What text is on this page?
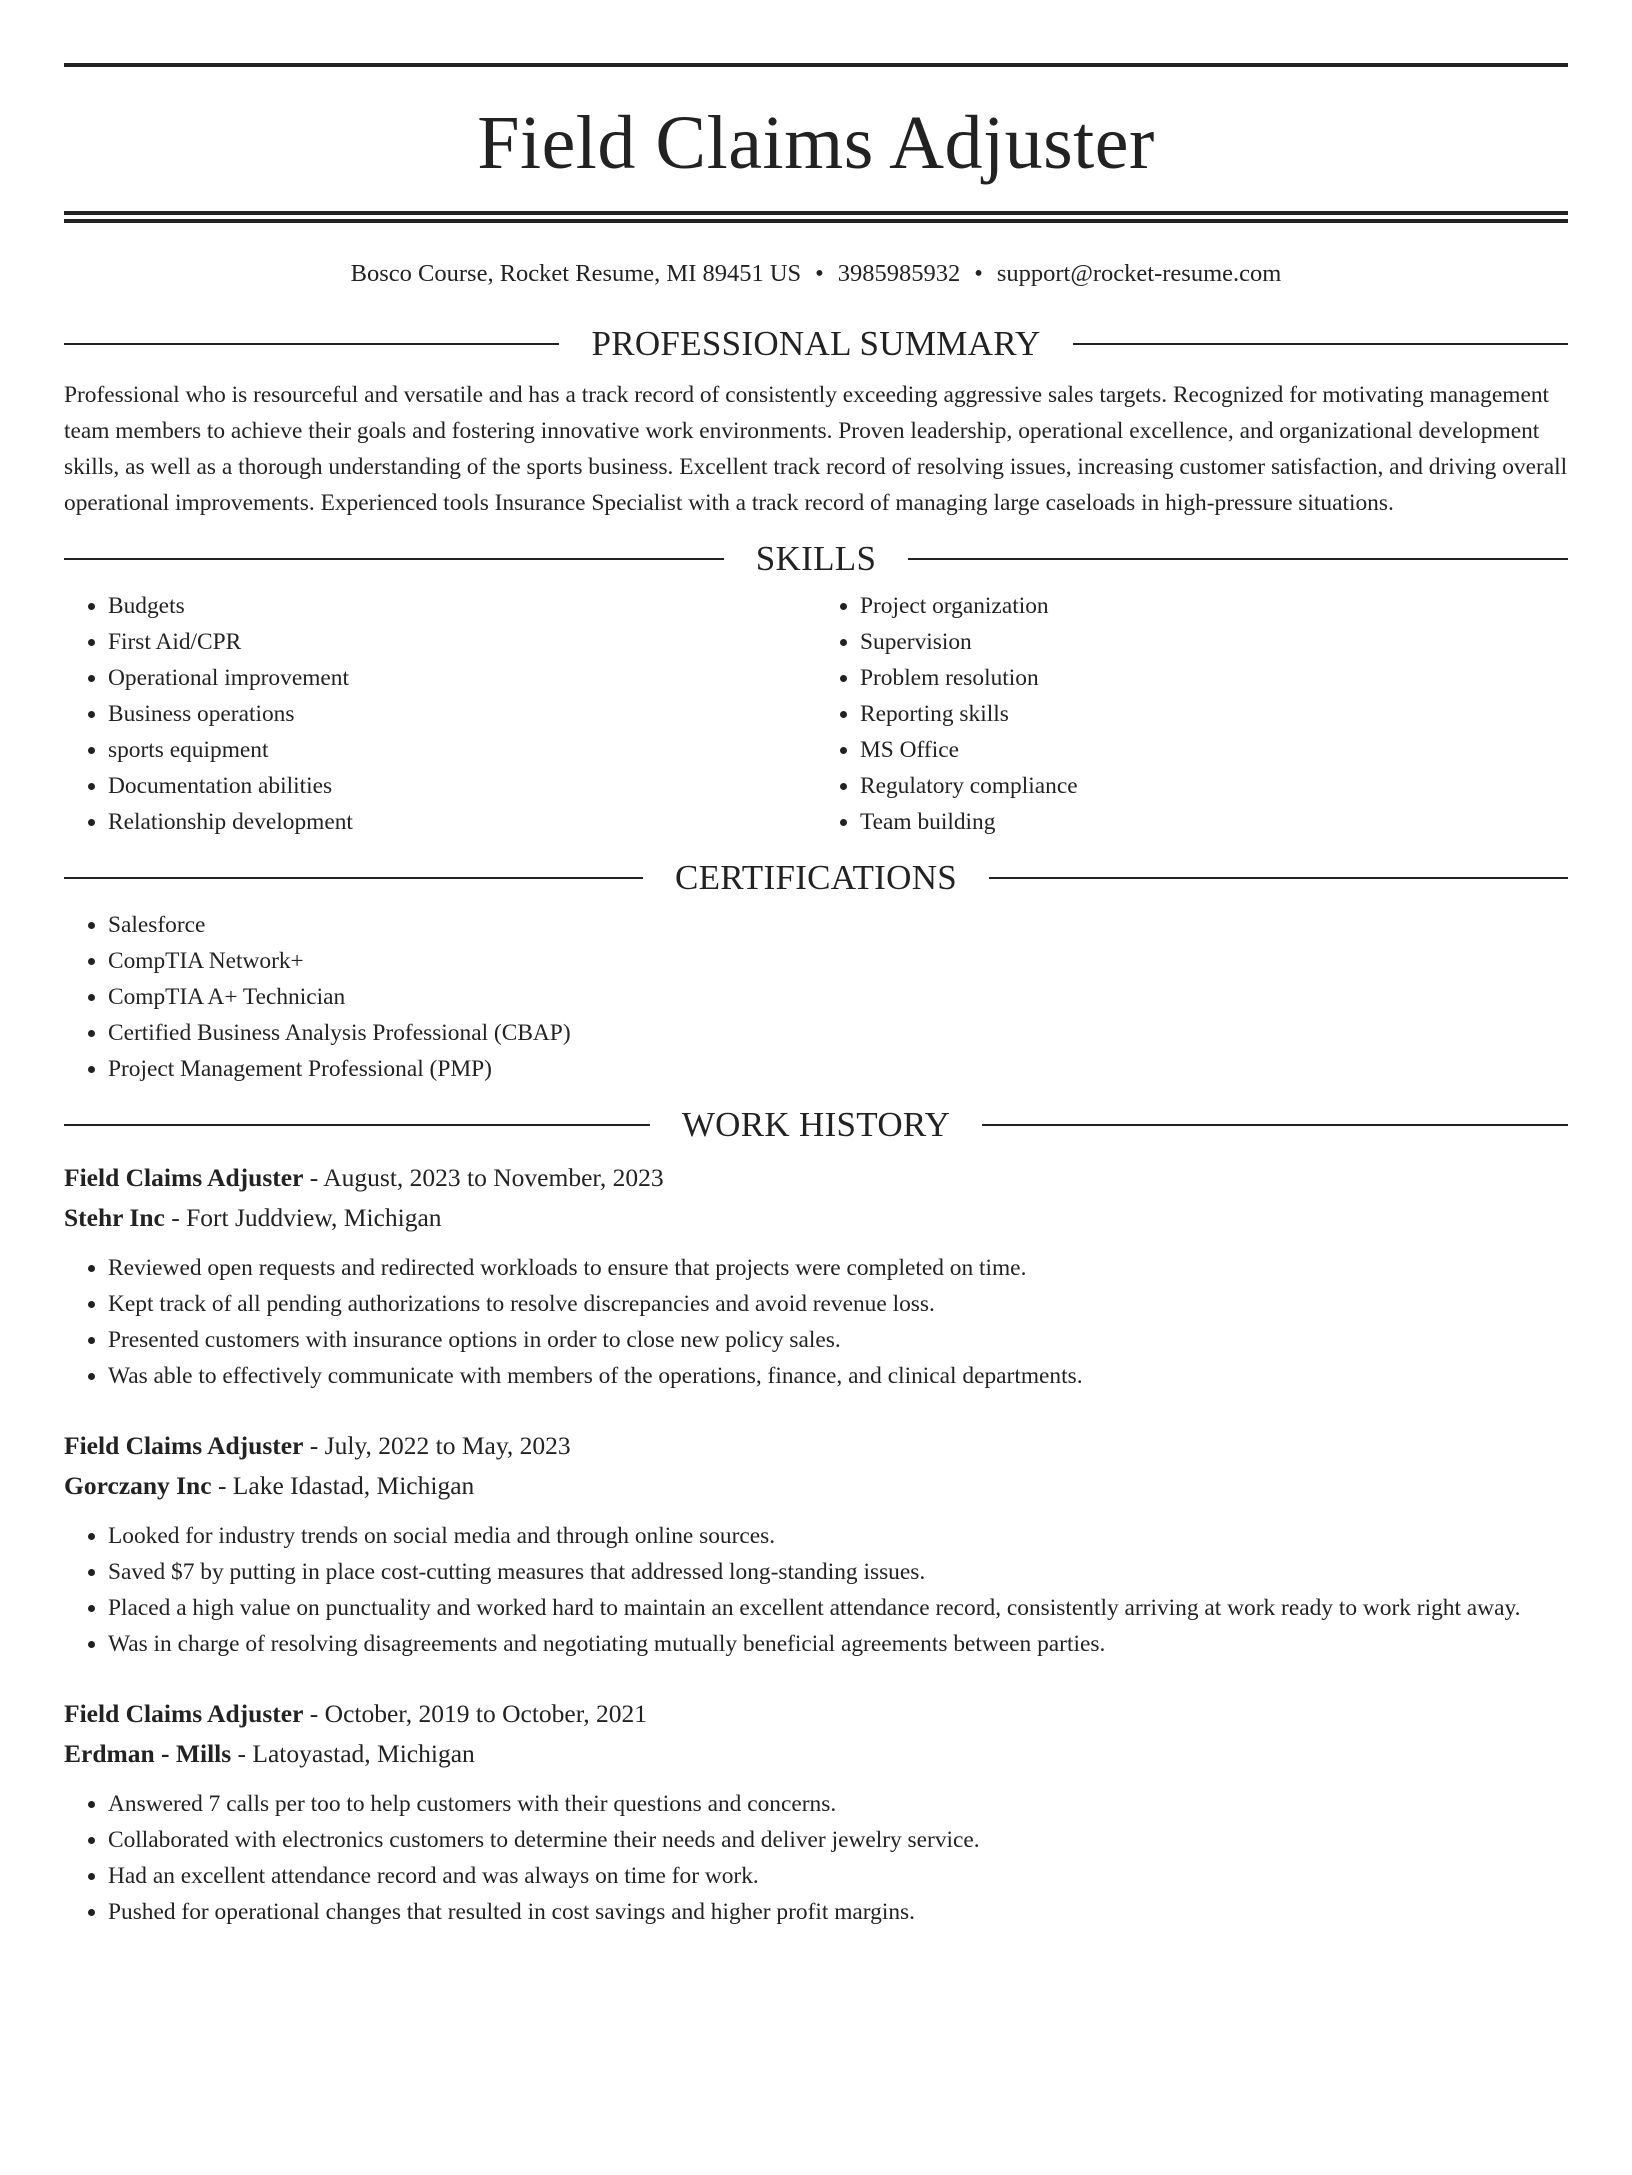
Field Claims Adjuster
Bosco Course, Rocket Resume, MI 89451 US • 3985985932 • support@rocket-resume.com
PROFESSIONAL SUMMARY

Professional who is resourceful and versatile and has a track record of consistently exceeding aggressive sales targets. Recognized for motivating management team members to achieve their goals and fostering innovative work environments. Proven leadership, operational excellence, and organizational development skills, as well as a thorough understanding of the sports business. Excellent track record of resolving issues, increasing customer satisfaction, and driving overall operational improvements. Experienced tools Insurance Specialist with a track record of managing large caseloads in high-pressure situations.

SKILLS
• Budgets
• First Aid/CPR
• Operational improvement
• Business operations
• sports equipment
• Documentation abilities
• Relationship development
• Project organization
• Supervision
• Problem resolution
• Reporting skills
• MS Office
• Regulatory compliance
• Team building
CERTIFICATIONS
• Salesforce
• CompTIA Network+
• CompTIA A+ Technician
• Certified Business Analysis Professional (CBAP)
• Project Management Professional (PMP)
WORK HISTORY

Field Claims Adjuster - August, 2023 to November, 2023

Stehr Inc - Fort Juddview, Michigan

• Reviewed open requests and redirected workloads to ensure that projects were completed on time.
• Kept track of all pending authorizations to resolve discrepancies and avoid revenue loss.
• Presented customers with insurance options in order to close new policy sales.
• Was able to effectively communicate with members of the operations, finance, and clinical departments.

Field Claims Adjuster - July, 2022 to May, 2023

Gorczany Inc - Lake Idastad, Michigan

• Looked for industry trends on social media and through online sources.
• Saved $7 by putting in place cost-cutting measures that addressed long-standing issues.
• Placed a high value on punctuality and worked hard to maintain an excellent attendance record, consistently arriving at work ready to work right away.
• Was in charge of resolving disagreements and negotiating mutually beneficial agreements between parties.

Field Claims Adjuster - October, 2019 to October, 2021

Erdman - Mills - Latoyastad, Michigan

• Answered 7 calls per too to help customers with their questions and concerns.
• Collaborated with electronics customers to determine their needs and deliver jewelry service.
• Had an excellent attendance record and was always on time for work.
• Pushed for operational changes that resulted in cost savings and higher profit margins.
